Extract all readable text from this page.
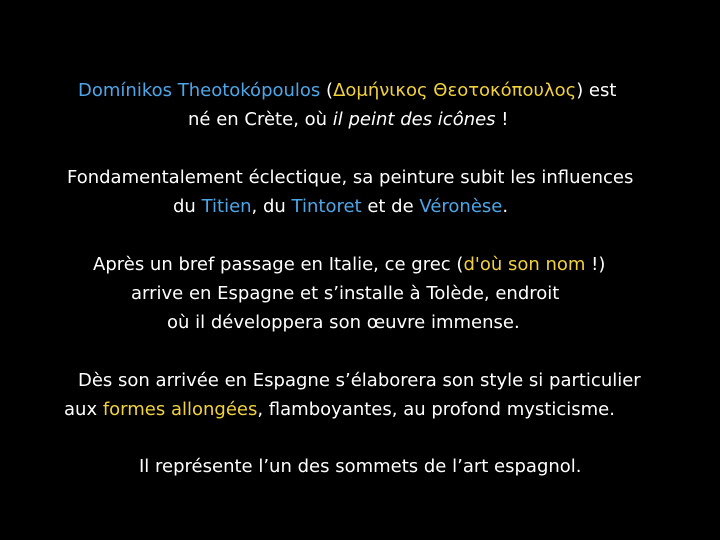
Domínikos Theotokópoulos (Δομήνικος Θεοτοκόπουλος) est
né en Crète, où il peint des icônes !
Fondamentalement éclectique, sa peinture subit les influences
du Titien, du Tintoret et de Véronèse.
Après un bref passage en Italie, ce grec (d'où son nom !)
arrive en Espagne et s’installe à Tolède, endroit
où il développera son œuvre immense.
Dès son arrivée en Espagne s’élaborera son style si particulier
aux formes allongées, flamboyantes, au profond mysticisme.
Il représente l’un des sommets de l’art espagnol.
